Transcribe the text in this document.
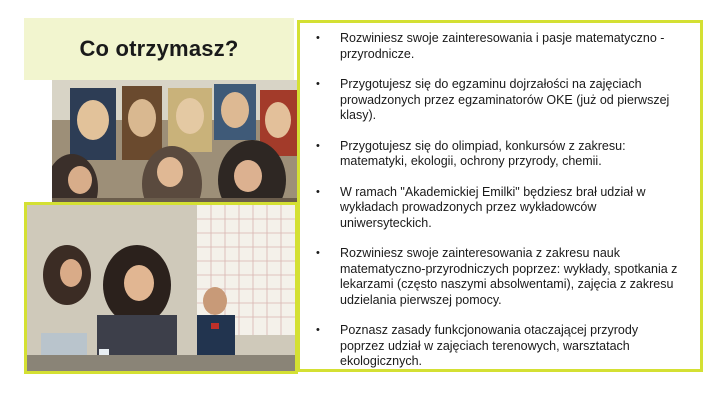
Co otrzymasz?	• Rozwiniesz swoje zainteresowania i pasje matematyczno - przyrodnicze.
• Przygotujesz się do egzaminu dojrzałości na zajęciach prowadzonych przez egzaminatorów OKE (już od pierwszej klasy).
• Przygotujesz się do olimpiad, konkursów z zakresu: matematyki, ekologii, ochrony przyrody, chemii.
• W ramach "Akademickiej Emilki" będziesz brał udział w wykładach prowadzonych przez wykładowców uniwersyteckich.
• Rozwiniesz swoje zainteresowania z zakresu nauk matematyczno-przyrodniczych poprzez: wykłady, spotkania z lekarzami (często naszymi absolwentami), zajęcia z zakresu udzielania pierwszej pomocy.
• Poznasz zasady funkcjonowania otaczającej przyrody poprzez udział w zajęciach terenowych, warsztatach ekologicznych.
